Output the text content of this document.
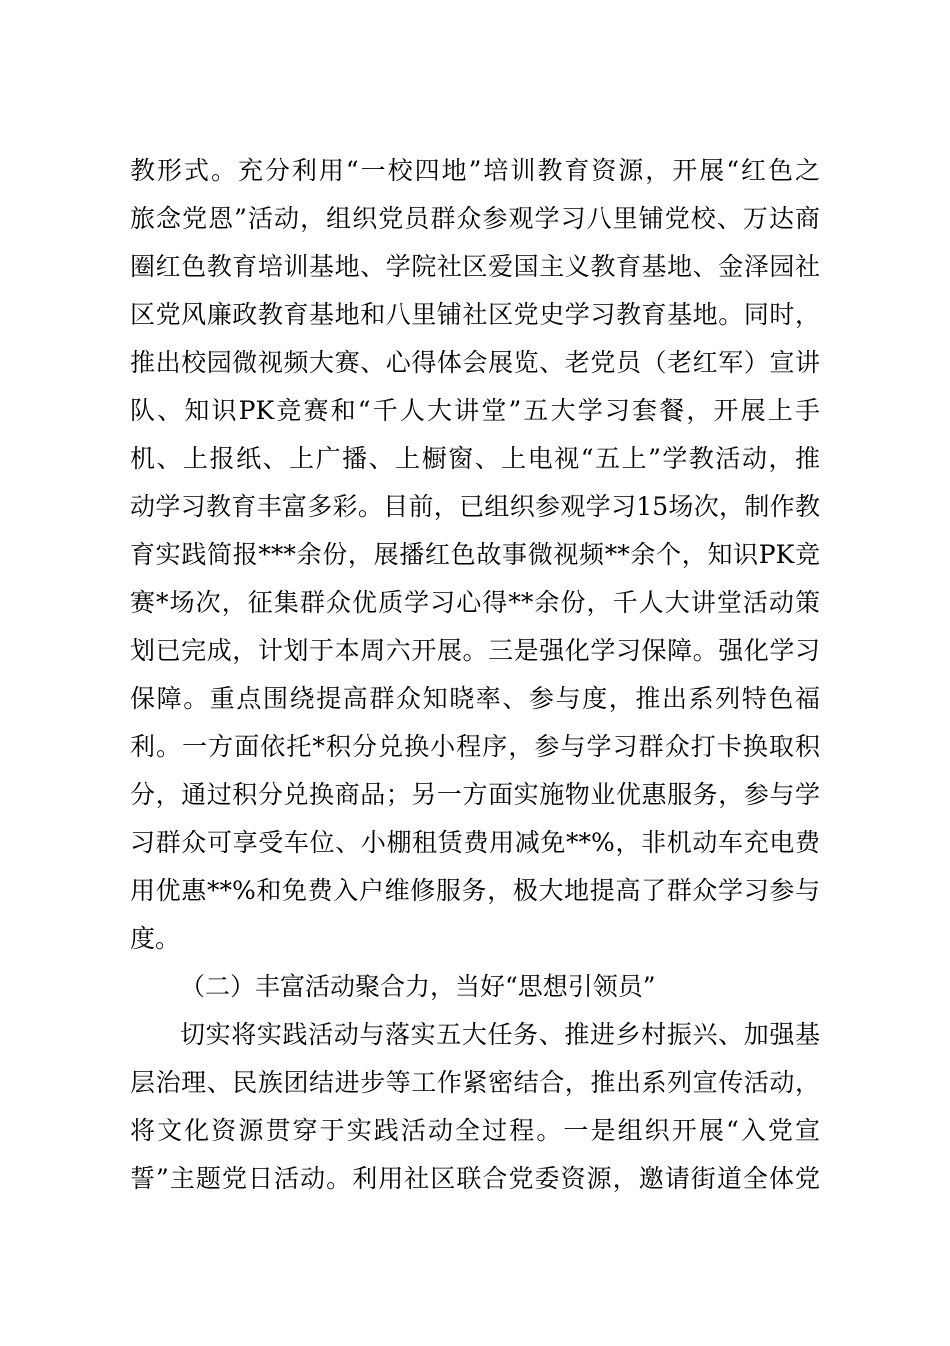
教形式。充分利用“一校四地”培训教育资源，开展“红色之
旅念党恩”活动，组织党员群众参观学习八里铺党校、万达商
圈红色教育培训基地、学院社区爱国主义教育基地、金泽园社
区党风廉政教育基地和八里铺社区党史学习教育基地。同时，
推出校园微视频大赛、心得体会展览、老党员（老红军）宣讲
队、知识PK竞赛和“千人大讲堂”五大学习套餐，开展上手
机、上报纸、上广播、上橱窗、上电视“五上”学教活动，推
动学习教育丰富多彩。目前，已组织参观学习15场次，制作教
育实践简报***余份，展播红色故事微视频**余个，知识PK竞
赛*场次，征集群众优质学习心得**余份，千人大讲堂活动策
划已完成，计划于本周六开展。三是强化学习保障。强化学习
保障。重点围绕提高群众知晓率、参与度，推出系列特色福
利。一方面依托*积分兑换小程序，参与学习群众打卡换取积
分，通过积分兑换商品；另一方面实施物业优惠服务，参与学
习群众可享受车位、小棚租赁费用减免**%，非机动车充电费
用优惠**%和免费入户维修服务，极大地提高了群众学习参与
度。
（二）丰富活动聚合力，当好“思想引领员”
切实将实践活动与落实五大任务、推进乡村振兴、加强基
层治理、民族团结进步等工作紧密结合，推出系列宣传活动，
将文化资源贯穿于实践活动全过程。一是组织开展“入党宣
誓”主题党日活动。利用社区联合党委资源，邀请街道全体党
